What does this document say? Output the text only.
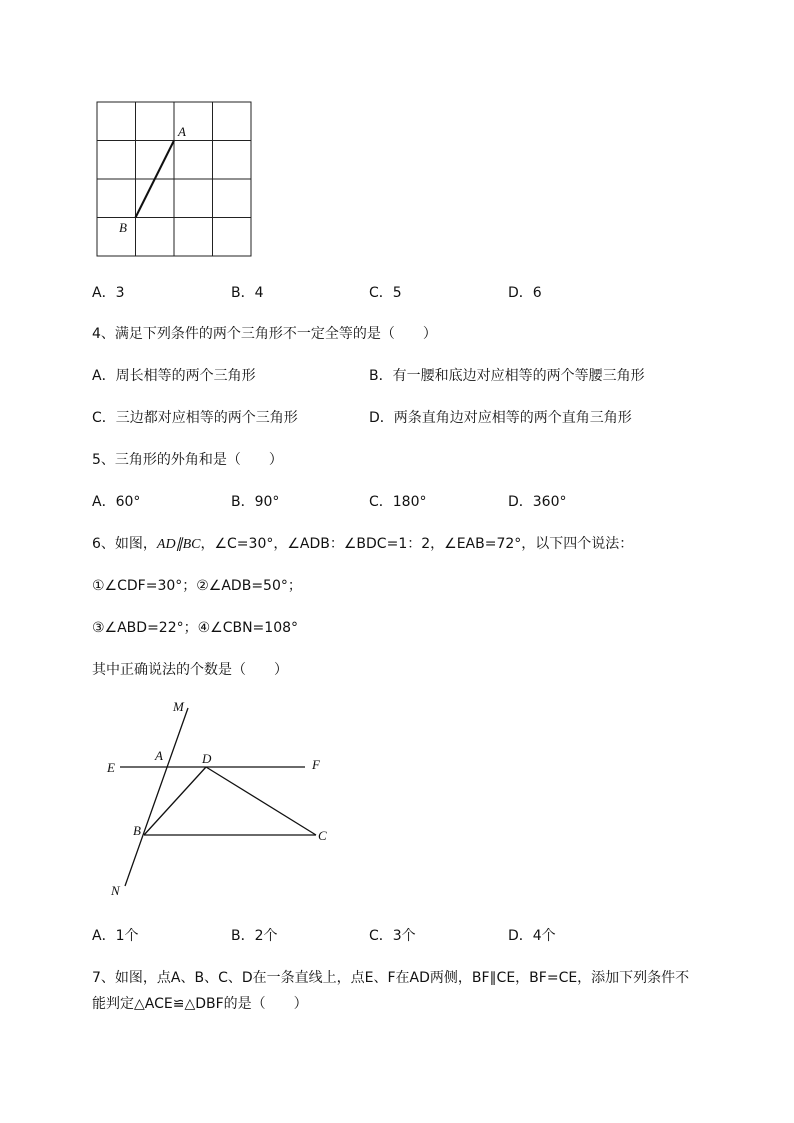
A
B
A．3	B．4	C．5	D．6
4、满足下列条件的两个三角形不一定全等的是（　　）
A．周长相等的两个三角形	B．有一腰和底边对应相等的两个等腰三角形
C．三边都对应相等的两个三角形	D．两条直角边对应相等的两个直角三角形
5、三角形的外角和是（　　）
A．60°	B．90°	C．180°	D．360°
6、如图，AD∥BC，∠C=30°，∠ADB：∠BDC=1：2，∠EAB=72°，以下四个说法：
①∠CDF=30°；②∠ADB=50°；
③∠ABD=22°；④∠CBN=108°
其中正确说法的个数是（　　）
M
A	D
E	F
B	C
N
A．1个	B．2个	C．3个	D．4个
7、如图，点A、B、C、D在一条直线上，点E、F在AD两侧，BF∥CE，BF=CE，添加下列条件不
能判定△ACE≌△DBF的是（　　）
